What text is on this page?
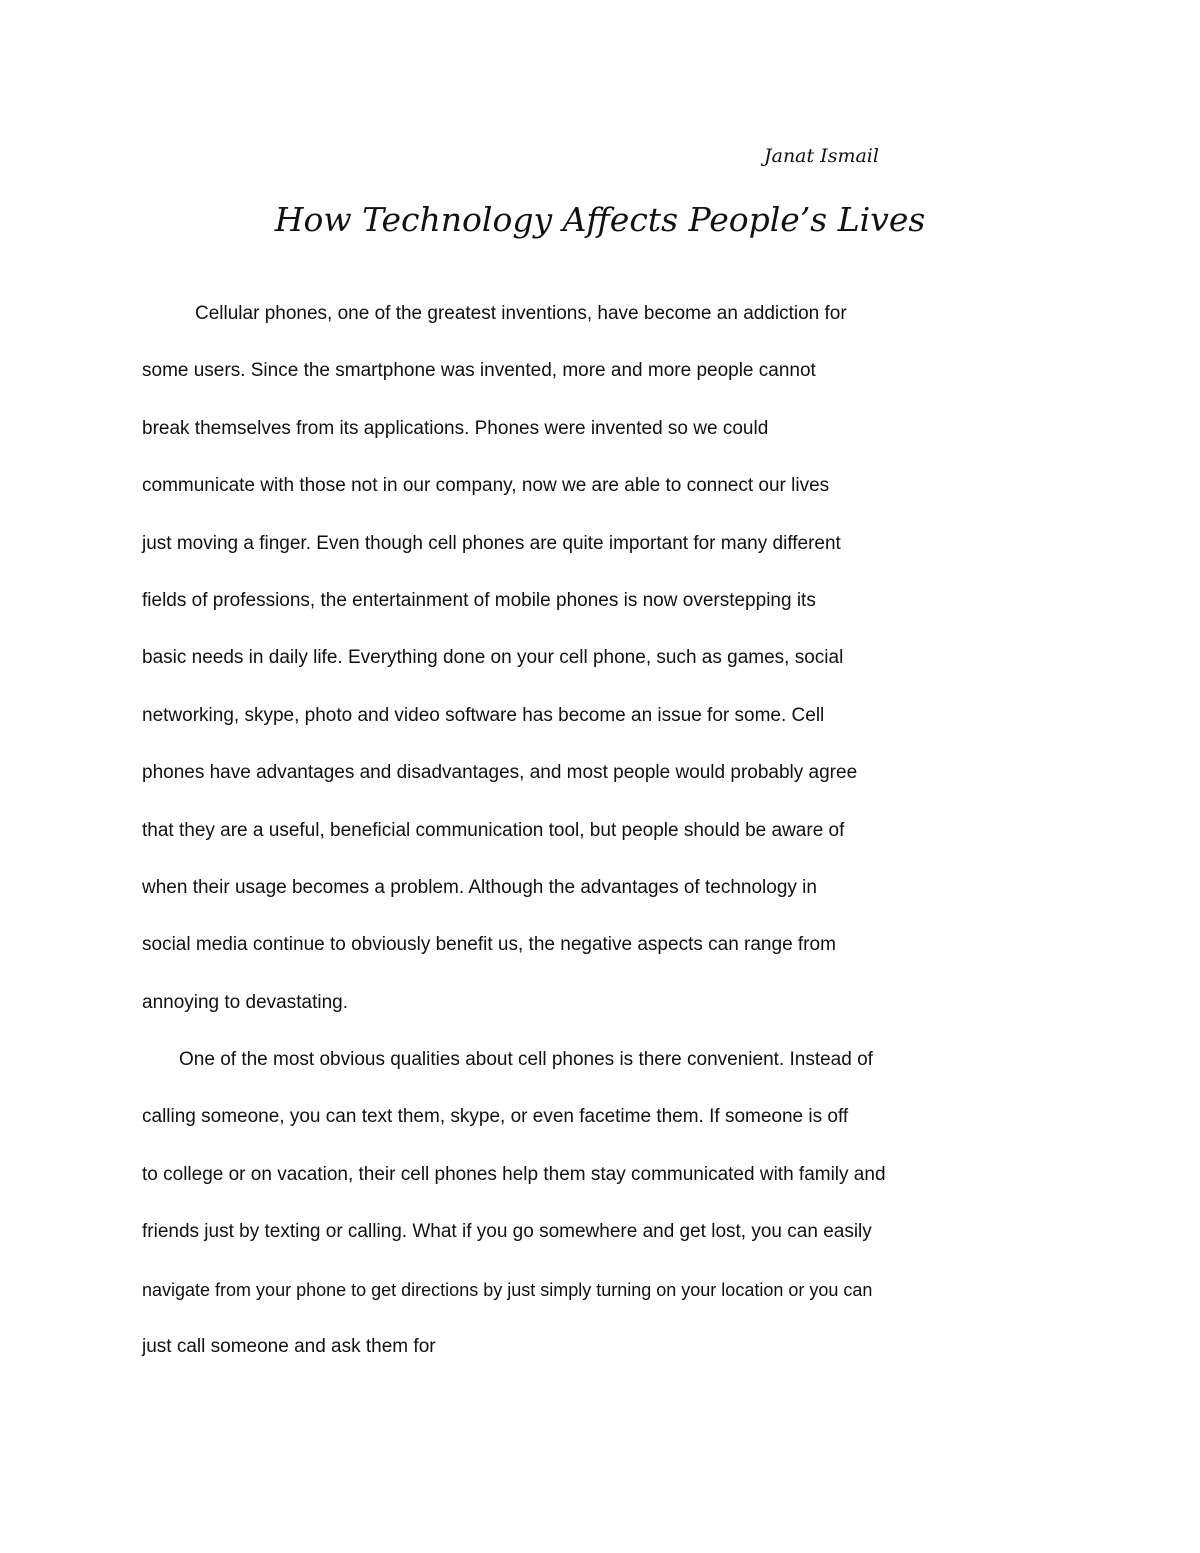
Janat Ismail
How Technology Affects People’s Lives
Cellular phones, one of the greatest inventions, have become an addiction for
some users. Since the smartphone was invented, more and more people cannot
break themselves from its applications. Phones were invented so we could
communicate with those not in our company, now we are able to connect our lives
just moving a finger. Even though cell phones are quite important for many different
fields of professions, the entertainment of mobile phones is now overstepping its
basic needs in daily life. Everything done on your cell phone, such as games, social
networking, skype, photo and video software has become an issue for some. Cell
phones have advantages and disadvantages, and most people would probably agree
that they are a useful, beneficial communication tool, but people should be aware of
when their usage becomes a problem. Although the advantages of technology in
social media continue to obviously benefit us, the negative aspects can range from
annoying to devastating.
One of the most obvious qualities about cell phones is there convenient. Instead of
calling someone, you can text them, skype, or even facetime them. If someone is off
to college or on vacation, their cell phones help them stay communicated with family and
friends just by texting or calling. What if you go somewhere and get lost, you can easily
navigate from your phone to get directions by just simply turning on your location or you can
just call someone and ask them for
